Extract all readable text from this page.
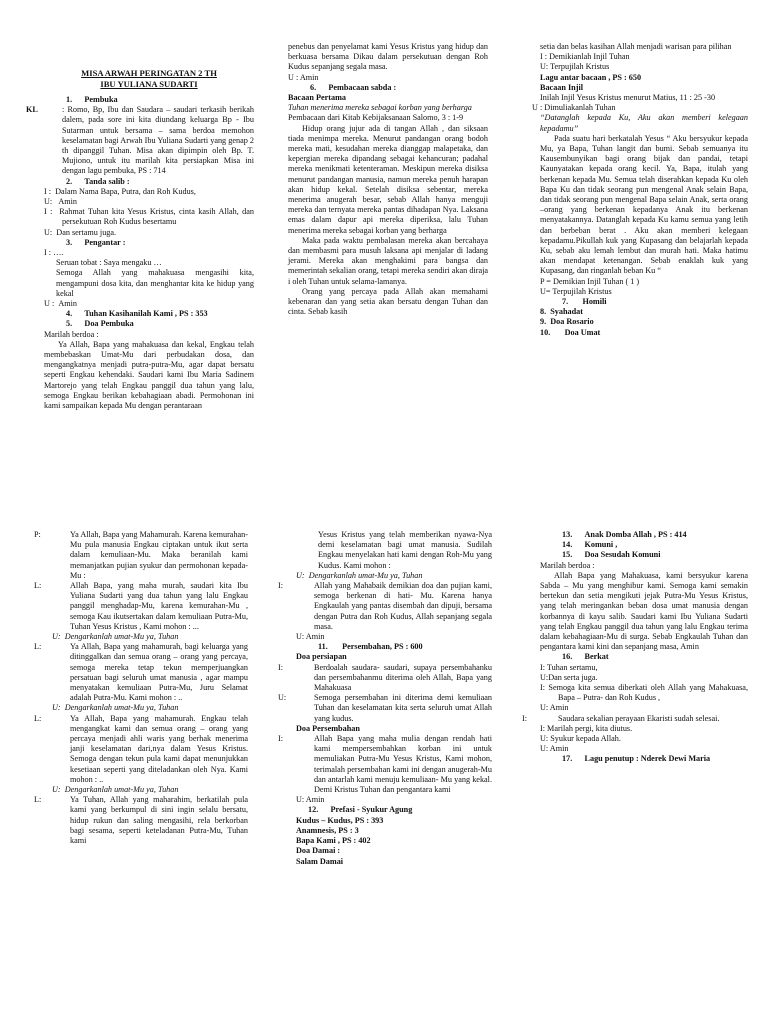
MISA ARWAH PERINGATAN 2 TH
IBU YULIANA SUDARTI
1.      Pembuka
KL	: Romo, Bp, Ibu dan Saudara – saudari terkasih berikah dalem, pada sore ini kita diundang keluarga Bp - Ibu Sutarman untuk bersama – sama berdoa memohon keselamatan bagi Arwah Ibu Yuliana Sudarti yang genap 2 th dipanggil Tuhan. Misa akan dipimpin oleh Bp. T. Mujiono, untuk itu marilah kita persiapkan Misa ini dengan lagu pembuka, PS : 714
2.      Tanda salib :
I :  Dalam Nama Bapa, Putra, dan Roh Kudus,
U:   Amin
I :  Rahmat Tuhan kita Yesus Kristus, cinta kasih Allah, dan persekutuan Roh Kudus besertamu
U:  Dan sertamu juga.
3.      Pengantar :
I : ….
Seruan tobat : Saya mengaku …
Semoga Allah yang mahakuasa mengasihi kita, mengampuni dosa kita, dan menghantar kita ke hidup yang kekal
U :  Amin
4.      Tuhan Kasihanilah Kami , PS : 353
5.      Doa Pembuka
Marilah berdoa :
Ya Allah, Bapa yang mahakuasa dan kekal, Engkau telah membebaskan Umat-Mu dari perbudakan dosa, dan mengangkatnya menjadi putra-putra-Mu, agar dapat bersatu seperti Engkau kehendaki. Saudari kami Ibu Maria Sadinem Martorejo yang telah Engkau panggil dua tahun yang lalu, semoga Engkau berikan kebahagiaan abadi. Permohonan ini kami sampaikan kepada Mu dengan perantaraan
penebus dan penyelamat kami Yesus Kristus yang hidup dan berkuasa bersama Dikau dalam persekutuan dengan Roh Kudus sepanjang segala masa.
U : Amin
6.      Pembacaan sabda :
Bacaan Pertama
Tuhan menerima mereka sebagai korban yang berharga
Pembacaan dari Kitab Kebijaksanaan Salomo, 3 : 1-9
Hidup orang jujur ada di tangan Allah , dan siksaan tiada menimpa mereka. Menurut pandangan orang bodoh mereka mati, kesudahan mereka dianggap malapetaka, dan kepergian mereka dipandang sebagai kehancuran; padahal mereka menikmati ketenteraman. Meskipun mereka disiksa menurut pandangan manusia, namun mereka penuh harapan akan hidup kekal. Setelah disiksa sebentar, mereka menerima anugerah besar, sebab Allah hanya menguji mereka dan ternyata mereka pantas dihadapan Nya. Laksana emas dalam dapur api mereka diperiksa, lalu Tuhan menerima mereka sebagai korban yang berharga
Maka pada waktu pembalasan mereka akan bercahaya dan membasmi para musuh laksana api menjalar di ladang jerami. Mereka akan menghakimi para bangsa dan memerintah sekalian orang, tetapi mereka sendiri akan diraja i oleh Tuhan untuk selama-lamanya.
Orang yang percaya pada Allah akan memahami kebenaran dan yang setia akan bersatu dengan Tuhan dan cinta. Sebab kasih
setia dan belas kasihan Allah menjadi warisan para pilihan
I : Demikianlah Injil Tuhan
U: Terpujilah Kristus
Lagu antar bacaan , PS : 650
Bacaan Injil
Inilah Injil Yesus Kristus menurut Matius, 11 : 25 -30
U : Dimuliakanlah Tuhan
“Datanglah kepada Ku, Aku akan memberi kelegaan kepadamu”
Pada suatu hari berkatalah Yesus “ Aku bersyukur kepada Mu, ya Bapa, Tuhan langit dan bumi. Sebab semuanya itu Kausembunyikan bagi orang bijak dan pandai, tetapi Kaunyatakan kepada orang kecil. Ya, Bapa, itulah yang berkenan kepada Mu. Semua telah diserahkan kepada Ku oleh Bapa Ku dan tidak seorang pun mengenal Anak selain Bapa, dan tidak seorang pun mengenal Bapa selain Anak, serta orang –orang yang berkenan kepadanya Anak itu berkenan menyatakannya. Datanglah kepada Ku kamu semua yang letih dan berbeban berat . Aku akan memberi kelegaan kepadamu.Pikullah kuk yang Kupasang dan belajarlah kepada Ku, sebab aku lemah lembut dan murah hati. Maka hatimu akan mendapat ketenangan. Sebab enaklah kuk yang Kupasang, dan ringanlah beban Ku “
P = Demikian Injil Tuhan ( 1 )
U= Terpujilah Kristus
7.       Homili
8.  Syahadat
9.  Doa Rosario
10.       Doa Umat
P:	Ya Allah, Bapa yang Mahamurah. Karena kemurahan-Mu pula manusia Engkau ciptakan untuk ikut serta dalam kemuliaan-Mu. Maka beranilah kami memanjatkan pujian syukur dan permohonan kepada-Mu :
L:	Allah Bapa, yang maha murah, saudari kita Ibu Yuliana Sudarti yang dua tahun yang lalu Engkau panggil menghadap-Mu, karena kemurahan-Mu , semoga Kau ikutsertakan dalam kemuliaan Putra-Mu, Tuhan Yesus Kristus , Kami mohon : ...
U:  Dengarkanlah umat-Mu ya, Tuhan
L:	Ya Allah, Bapa yang mahamurah, bagi keluarga yang ditinggalkan dan semua orang – orang yang percaya, semoga mereka tetap tekun memperjuangkan persatuan bagi seluruh umat manusia , agar mampu menyatakan kemuliaan Putra-Mu, Juru Selamat adalah Putra-Mu. Kami mohon : ..
U:  Dengarkanlah umat-Mu ya, Tuhan
L:	Ya Allah, Bapa yang mahamurah. Engkau telah mengangkat kami dan semua orang – orang yang percaya menjadi ahli waris yang berhak menerima janji keselamatan dari,nya dalam Yesus Kristus. Semoga dengan tekun pula kami dapat menunjukkan kesetiaan seperti yang diteladankan oleh Nya. Kami mohon : ..
U:  Dengarkanlah umat-Mu ya, Tuhan
L:	Ya Tuhan, Allah yang maharahim, berkatilah pula kami yang berkumpul di sini ingin selalu bersatu, hidup rukun dan saling mengasihi, rela berkorban bagi sesama, seperti keteladanan Putra-Mu, Tuhan kami
Yesus Kristus yang telah memberikan nyawa-Nya demi keselamatan bagi umat manusia. Sudilah Engkau menyelakan hati kami dengan Roh-Mu yang Kudus. Kami mohon :
U:  Dengarkanlah umat-Mu ya, Tuhan
I:	Allah yang Mahabaik demikian doa dan pujian kami, semoga berkenan di hati- Mu. Karena hanya Engkaulah yang pantas disembah dan dipuji, bersama dengan Putra dan Roh Kudus, Allah sepanjang segala masa.
U: Amin
11.       Persembahan, PS : 600
Doa persiapan
I:	Berdoalah saudara- saudari, supaya persembahanku dan persembahanmu diterima oleh Allah, Bapa yang Mahakuasa
U:	Semoga persembahan ini diterima demi kemuliaan Tuhan dan keselamatan kita serta seluruh umat Allah yang kudus.
Doa Persembahan
I:	Allah Bapa yang maha mulia dengan rendah hati kami mempersembahkan korban ini untuk memuliakan Putra-Mu Yesus Kristus, Kami mohon, terimalah persembahan kami ini dengan anugerah-Mu dan antarlah kami menuju kemuliaan- Mu yang kekal. Demi Kristus Tuhan dan pengantara kami
U: Amin
12.      Prefasi - Syukur Agung
Kudus – Kudus, PS : 393
Anamnesis, PS : 3
Bapa Kami , PS : 402
Doa Damai :
Salam Damai
13.      Anak Domba Allah , PS : 414
14.      Komuni ,
15.      Doa Sesudah Komuni
Marilah berdoa :
Allah Bapa yang Mahakuasa, kami bersyukur karena Sabda – Mu yang menghibur kami. Semoga kami semakin bertekun dan setia mengikuti jejak Putra-Mu Yesus Kristus, yang telah meringankan beban dosa umat manusia dengan korbannya di kayu salib. Saudari kami Ibu Yuliana Sudarti yang telah Engkau panggil dua tahun yang lalu Engkau terima dalam kebahagiaan-Mu di surga. Sebab Engkaulah Tuhan dan pengantara kami kini dan sepanjang masa, Amin
16.      Berkat
I: Tuhan sertamu,
U:Dan serta juga.
I: Semoga kita semua diberkati oleh Allah yang Mahakuasa, Bapa – Putra- dan Roh Kudus ,
U: Amin
I:	Saudara sekalian perayaan Ekaristi sudah selesai.
I: Marilah pergi, kita diutus.
U: Syukur kepada Allah.
U: Amin
17.      Lagu penutup : Nderek Dewi Maria
